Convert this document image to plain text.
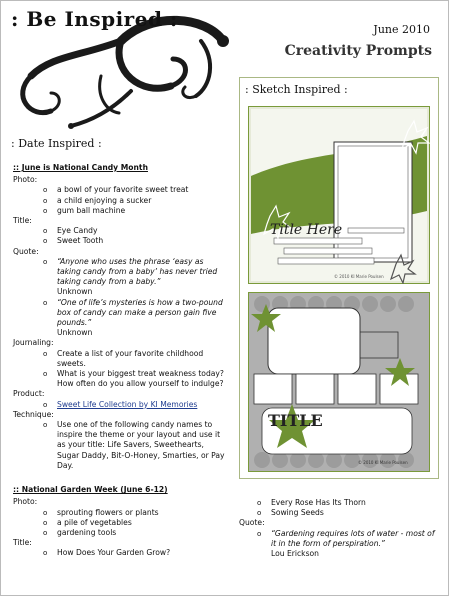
: Be Inspired :	June 2010
Creativity Prompts
: Date Inspired :
:: June is National Candy Month
Photo:
o a bowl of your favorite sweet treat
o a child enjoying a sucker
o gum ball machine
Title:
o Eye Candy
o Sweet Tooth
Quote:
o “Anyone who uses the phrase ‘easy as taking candy from a baby’ has never tried taking candy from a baby.”
Unknown
o “One of life’s mysteries is how a two-pound box of candy can make a person gain five pounds.”
Unknown
Journaling:
o Create a list of your favorite childhood sweets.
o What is your biggest treat weakness today? How often do you allow yourself to indulge?
Product:
o Sweet Life Collection by KI Memories
Technique:
o Use one of the following candy names to inspire the theme or your layout and use it as your title: Life Savers, Sweethearts, Sugar Daddy, Bit-O-Honey, Smarties, or Pay Day.
:: National Garden Week (June 6-12)
Photo:
o sprouting flowers or plants
o a pile of vegetables
o gardening tools
Title:
o How Does Your Garden Grow?
o Every Rose Has Its Thorn
o Sowing Seeds
Quote:
o “Gardening requires lots of water - most of it in the form of perspiration.”
Lou Erickson
Title Here
© 2010 KI Marie Poulsen
TITLE
© 2010 KI Marie Poulsen
: Sketch Inspired :
